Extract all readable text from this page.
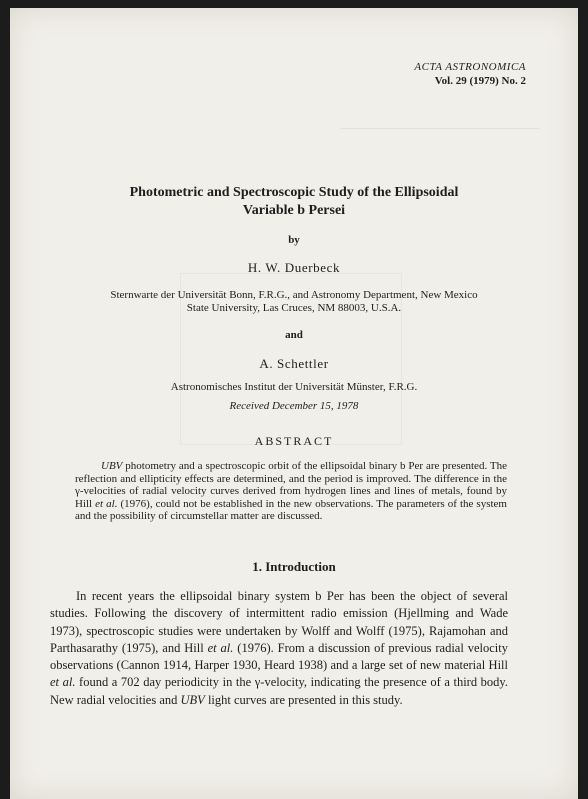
ACTA ASTRONOMICA
Vol. 29 (1979) No. 2
Photometric and Spectroscopic Study of the Ellipsoidal
Variable b Persei
by
H. W. Duerbeck
Sternwarte der Universität Bonn, F.R.G., and Astronomy Department, New Mexico
State University, Las Cruces, NM 88003, U.S.A.
and
A. Schettler
Astronomisches Institut der Universität Münster, F.R.G.
Received December 15, 1978
ABSTRACT
UBV photometry and a spectroscopic orbit of the ellipsoidal binary b Per are presented. The reflection and ellipticity effects are determined, and the period is improved. The difference in the γ-velocities of radial velocity curves derived from hydrogen lines and lines of metals, found by Hill et al. (1976), could not be established in the new observations. The parameters of the system and the possibility of circumstellar matter are discussed.
1. Introduction
In recent years the ellipsoidal binary system b Per has been the object of several studies. Following the discovery of intermittent radio emission (Hjellming and Wade 1973), spectroscopic studies were undertaken by Wolff and Wolff (1975), Rajamohan and Parthasarathy (1975), and Hill et al. (1976). From a discussion of previous radial velocity observations (Cannon 1914, Harper 1930, Heard 1938) and a large set of new material Hill et al. found a 702 day periodicity in the γ-velocity, indicating the presence of a third body. New radial velocities and UBV light curves are presented in this study.
